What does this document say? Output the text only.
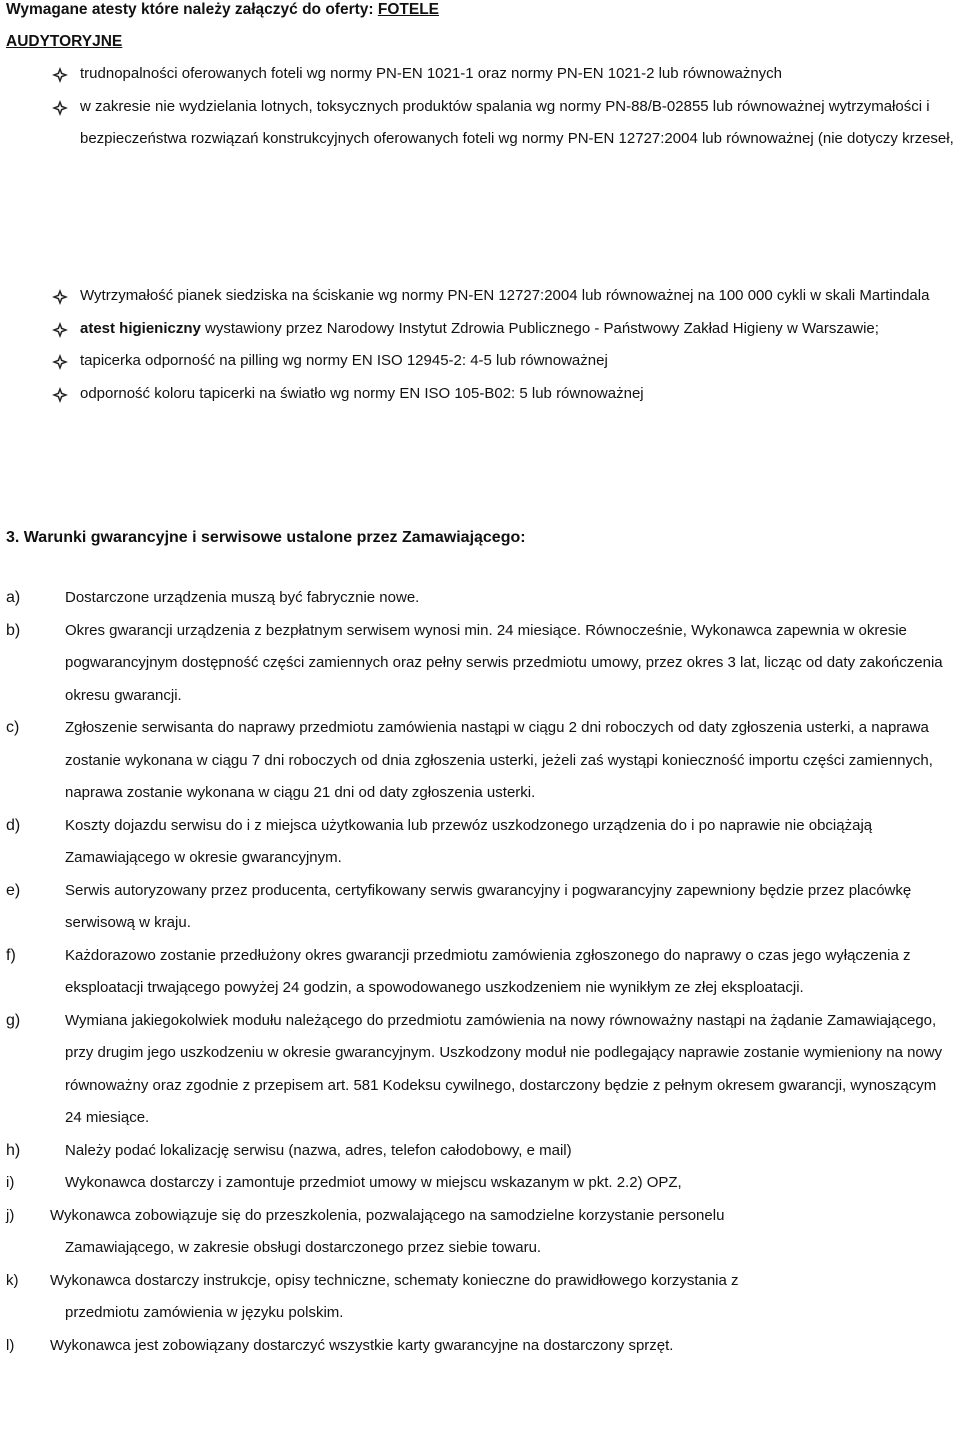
Wymagane atesty które należy załączyć do oferty: FOTELE
AUDYTORYJNE
trudnopalności oferowanych foteli wg normy PN-EN 1021-1 oraz normy PN-EN 1021-2 lub równoważnych
w zakresie nie wydzielania lotnych, toksycznych produktów spalania wg normy PN-88/B-02855 lub równoważnej wytrzymałości i bezpieczeństwa rozwiązań konstrukcyjnych oferowanych foteli wg normy PN-EN 12727:2004 lub równoważnej (nie dotyczy krzeseł,
Wytrzymałość pianek siedziska na ściskanie wg normy PN-EN 12727:2004 lub równoważnej na 100 000 cykli w skali Martindala
atest higieniczny wystawiony przez Narodowy Instytut Zdrowia Publicznego - Państwowy Zakład Higieny w Warszawie;
tapicerka odporność na pilling wg normy EN ISO 12945-2: 4-5 lub równoważnej
odporność koloru tapicerki na światło wg normy EN ISO 105-B02: 5 lub równoważnej
3. Warunki gwarancyjne i serwisowe ustalone przez Zamawiającego:
a)	Dostarczone urządzenia muszą być fabrycznie nowe.
b)	Okres gwarancji urządzenia z bezpłatnym serwisem wynosi min. 24 miesiące. Równocześnie, Wykonawca zapewnia w okresie pogwarancyjnym dostępność części zamiennych oraz pełny serwis przedmiotu umowy, przez okres 3 lat, licząc od daty zakończenia okresu gwarancji.
c)	Zgłoszenie serwisanta do naprawy przedmiotu zamówienia nastąpi w ciągu 2 dni roboczych od daty zgłoszenia usterki, a naprawa zostanie wykonana w ciągu 7 dni roboczych od dnia zgłoszenia usterki, jeżeli zaś wystąpi konieczność importu części zamiennych, naprawa zostanie wykonana w ciągu 21 dni od daty zgłoszenia usterki.
d)	Koszty dojazdu serwisu do i z miejsca użytkowania lub przewóz uszkodzonego urządzenia do i po naprawie nie obciążają Zamawiającego w okresie gwarancyjnym.
e)	Serwis autoryzowany przez producenta, certyfikowany serwis gwarancyjny i pogwarancyjny zapewniony będzie przez placówkę serwisową w kraju.
f)	Każdorazowo zostanie przedłużony okres gwarancji przedmiotu zamówienia zgłoszonego do naprawy o czas jego wyłączenia z eksploatacji trwającego powyżej 24 godzin, a spowodowanego uszkodzeniem nie wynikłym ze złej eksploatacji.
g)	Wymiana jakiegokolwiek modułu należącego do przedmiotu zamówienia na nowy równoważny nastąpi na żądanie Zamawiającego, przy drugim jego uszkodzeniu w okresie gwarancyjnym. Uszkodzony moduł nie podlegający naprawie zostanie wymieniony na nowy równoważny oraz zgodnie z przepisem art. 581 Kodeksu cywilnego, dostarczony będzie z pełnym okresem gwarancji, wynoszącym 24 miesiące.
h)	Należy podać lokalizację serwisu (nazwa, adres, telefon całodobowy, e mail)
i)	Wykonawca dostarczy i zamontuje przedmiot umowy w miejscu wskazanym w pkt. 2.2) OPZ,
j) Wykonawca zobowiązuje się do przeszkolenia, pozwalającego na samodzielne korzystanie personelu
Zamawiającego, w zakresie obsługi dostarczonego przez siebie towaru.
k) Wykonawca dostarczy instrukcje, opisy techniczne, schematy konieczne do prawidłowego korzystania z
przedmiotu zamówienia w języku polskim.
l) Wykonawca jest zobowiązany dostarczyć wszystkie karty gwarancyjne na dostarczony sprzęt.
